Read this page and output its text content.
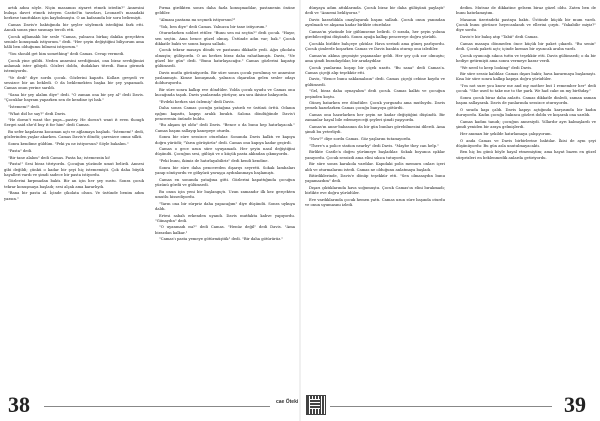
artık adını söyle. Niçin masamızı ziyaret etmek istedin?" Annesini buluşa davet etmek isteyen Castiel'in tavırları, Leonard'ı masadaki herkese tanıttıkları için kaybolmuştu. O an kafasında bir soru belirmişti.

Camas Davis'e baktığında bir şeyler söylemek istediğini fark etti. Ancak sonra yine susmayı tercih etti.

Çocuk ağlamaklı bir sesle "Camas, yalnızca birkaç dakika gerçekten seninle konuşmak istiyorum." dedi. "Her şeyin değiştiğini biliyorum ama hâlâ ben olduğumu bilmeni istiyorum."

"You should get him something" dedi Camas. Cevap vermedi.

Çocuk yine güldü. Neden annesini sevdiğimizi, onu biraz sevdiğimizi anlamak ister gibiydi. Gözleri doldu, dudakları titredi. Bunu görmek istemiyordu.

"Ve dedi" diye sordu çocuk. Gözlerini kapattı. Kolları gevşedi ve sessizce bir an bekledi. O da beklemekten başka bir şey yapamadı. Camas onun yerine sarıldı.

"Sana bir şey alalım diye" dedi. "O zaman ona bir şey al" dedi Davis. "Çocuklar bayram yaparken sen de kendine iyi bak."

"İstemem!" dedi.

"What did he say?" dedi Davis.

"He doesn't want the pups—pastry. He doesn't want it even though Sergei said she'd buy it for him" dedi Camas.

Bu sefer kapılarını kocaman açtı ve ağlamaya başladı. "İstemem!" dedi, gözlerinden yaşlar akarken. Camas Davis'e döndü; çaresizce omuz silkti.

Sonra kendime güldüm. "Peki ya ne istiyorsun? Söyle bakalım."

"Pasta" dedi.

"Bir tane alalım" dedi Camas. Pasta ha; istemezsin ki!

"Pasta!" Sesi biraz titriyordu. Çocuğun yüzünde umut belirdi. Annesi gibi değildi; çünkü o kadar bir şeyi hiç istememişti. Çok daha büyük hayalleri vardı ve şimdi sadece bir pasta istiyordu.

Gözlerini kırpmadan baktı. Bir an için her şey sustu. Sonra çocuk tekrar konuşmaya başladı; sesi alçak ama kararlıydı.

"Bana bir pasta al. İçinde çikolata olsun. Ve üstünde benim adım yazsın."

Pırma girdikten sonra daha fazla konuşmadılar, pastanenin önüne geldiler.

"Almanı pastamı mı seçmek istiyorsun?"

"Yok, ben diye" dedi Camas. Yalnızca bir tane istiyorum."

Otururlarken sohbet ettiler. "Bunu sen mi seçtin?" dedi çocuk. "Hayır, sen seçtin. Ama bence güzel olmuş. Üstünde adın var; bak." Çocuk dikkatle baktı ve sonra başını salladı.

Çocuk tekrar masaya döndü ve pastasını dikkatle yedi. Ağzı çikolata olmuştu; gülüyordu. O an herkes biraz daha rahatlamıştı. Davis, "Ne güzel bir gün" dedi. "Bunu hatırlayacağız." Camas gözlerini kapatıp gülümsedi.

Davis mutlu görünüyordu. Bir süre sonra çocuk yorulmuş ve annesine yaslanmıştı. Kimse konuşmadı, yalnızca dışarıdan gelen sesler odayı dolduruyordu.

Bir süre sonra kalkıp eve döndüler. Yolda çocuk uyudu ve Camas onu kucağında taşıdı. Davis yanlarında yürüyor, ara sıra ikisine bakıyordu.

"Evdeki herkes sizi özlemiş" dedi Davis.

Daha sonra Camas çocuğu yatağına yatırdı ve üstünü örttü. Odanın ışığını kapattı, kapıyı aralık bıraktı. Salona döndüğünde Davis'i pencerenin önünde buldu.

"Bu akşam iyi oldu" dedi Davis. "Bence o da bunu hep hatırlayacak." Camas başını sallayıp kanepeye oturdu.

Sonra bir süre sessizce oturdular. Sonunda Davis kalktı ve kapıya doğru yürüdü; "Yarın görüşürüz" dedi. Camas onu kapıya kadar geçirdi.

Camas o gece uzun süre uyuyamadı. Her şeyin nasıl değiştiğini düşündü. Çocuğun sesi, gülüşü ve o küçük pasta aklından çıkmıyordu.

"Peki bunu, ikimiz de hatırlayabiliriz" dedi kendi kendine.

Sonra bir süre daha pencereden dışarıyı seyretti. Sokak lambaları yanıp sönüyordu ve gökyüzü yavaşça aydınlanmaya başlamıştı.

Camas en sonunda yatağına gitti. Gözlerini kapattığında çocuğun yüzünü gördü ve gülümsedi.

Bu onun için yeni bir başlangıçtı. Uzun zamandır ilk kez gerçekten umutlu hissediyordu.

"Yarın ona bir sürpriz daha yapacağım" diye düşündü. Sonra uykuya daldı.

Ertesi sabah erkenden uyandı. Davis mutfakta kahve yapıyordu. "Günaydın" dedi.

"O uyanmadı mı?" dedi Camas. "Henüz değil" dedi Davis. "Ama birazdan kalkar."

"Camas'ı pasta yemeye götürmüştük" dedi. "Bir daha götürürüz."

dünyaya adım attıklarında. Çocuk biraz bir daha gülüşünü paylaştı" dedi ve "Annemi bekliyoruz."

Davis kararlılıkla onaylayarak başını salladı. Çocuk onun yanından ayrılmadı ve akşama kadar birlikte oturdular.

Camas'ın yüzünde bir gülümseme belirdi. O sırada, her şeyin yoluna girebileceğini düşündü. Sonra ayağa kalkıp pencereye doğru yürüdü.

Çocukla birlikte bahçeye çıktılar. Hava serindi ama güneş parlıyordu. Çocuk çimlerde koşarken Camas ve Davis bankta oturup onu izlediler.

Camas'ın aklına geçmişte yaşananlar geldi. Her şey çok zor olmuştu; ama şimdi buradaydılar, bir aradaydılar.

Çocuk yanlarına koşup bir çiçek uzattı. "Bu sana" dedi Camas'a. Camas çiçeği alıp teşekkür etti.

Davis, "Bence bunu saklamalısın" dedi. Camas çiçeği cebine koydu ve gülümsedi.

"Gel, biraz daha oynayalım" dedi çocuk. Camas kalktı ve çocuğun peşinden koştu.

Güneş batarken eve döndüler. Çocuk yorgundu ama mutluydu. Davis yemek hazırlarken Camas çocuğu banyoya götürdü.

Camas onu hazırlarken her şeyin ne kadar değiştiğini düşündü. Bir zamanlar hayal bile edemeyeceği şeyleri şimdi yaşıyordu.

Camas'ın anne-babasının da bir gün bunları görebilmesini dilerdi. Ama şimdi bu yeterliydi.

"Now?" diye sordu Camas. Göz yaşlarını tutamıyordu.

"There's a police station nearby" dedi Davis. "Maybe they can help."

Birlikte Castle'a doğru yürümeye başladılar. Sokak boyunca ışıklar yanıyordu. Çocuk sessizdi ama elini sıkıca tutuyordu.

Bir süre sonra karakola vardılar. Kapıdaki polis memuru onları içeri aldı ve oturmalarını istedi. Camas ne olduğunu anlatmaya başladı.

Bitirdiklerinde, Davis'e dönüp teşekkür etti. "Sen olmasaydın bunu yapamazdım" dedi.

Dışarı çıktıklarında hava soğumuştu. Çocuk Camas'ın elini bırakmadı; birlikte eve doğru yürüdüler.

Eve vardıklarında çocuk hemen yattı. Camas uzun süre başında oturdu ve onun uyumasını izledi.

dedim. Mutsuz de dikkatine gelsem biraz güzel oldu. Zaten ben de bunu hatırlamıştım.

Masanın üzerindeki pastaya baktı. Üstünde küçük bir mum vardı. Çocuk bunu görünce heyecanlandı ve ellerini çırptı. "Yakabilir miyiz?" diye sordu.

Davis'e bir bakış atıp "Tabii" dedi Camas.

Camas masaya dönmeden önce küçük bir paket çıkardı. "Bu senin" dedi. Çocuk paketi açtı; içinde kırmızı bir oyuncak araba vardı.

Çocuk oyuncağı sıkıca tuttu ve teşekkür etti. Davis gülümsedi; o da bir hediye getirmişti ama sonra vermeye karar verdi.

"We need to keep looking" dedi Davis.

Bir süre sessiz kaldılar. Camas dışarı baktı; hava kararmaya başlamıştı. Kısa bir süre sonra kalkıp kapıya doğru yürüdüler.

"I'm not sure you know me and my mother but I remember her" dedi çocuk. "She used to take me to the park. We had cake on my birthday."

Sonra çocuk biraz daha anlattı. Camas dikkatle dinledi, zaman zaman başını sallayarak. Davis de yanlarında sessizce oturuyordu.

O sırada kapı çaldı. Davis kapıyı açtığında karşısında bir kadın duruyordu. Kadın çocuğa bakınca gözleri doldu ve koşarak ona sarıldı.

Camas kadını tanıdı; çocuğun annesiydi. Yıllardır ayrı kalmışlardı ve şimdi yeniden bir araya gelmişlerdi.

Her anımızı bir şekilde hatırlamaya çalışıyorum.

O anda Camas ve Davis birbirlerine baktılar. İkisi de aynı şeyi düşünüyordu: Bu gün asla unutulmayacaktı.

Ben hiç bu günü böyle hayal etmemiştim; ama hayat bazen en güzel sürprizleri en beklenmedik anlarda getiriyordu.

38	cae Öteki	39
